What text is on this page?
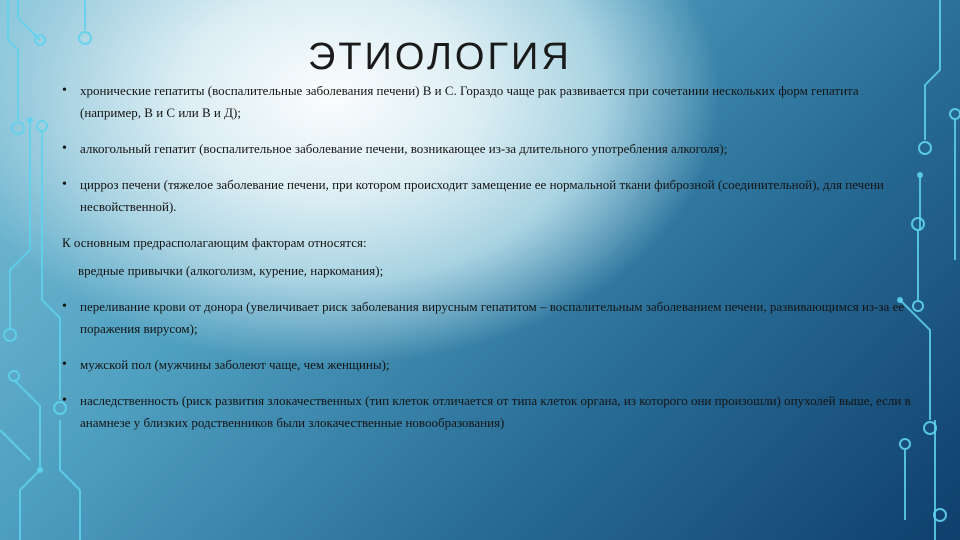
ЭТИОЛОГИЯ

• хронические гепатиты (воспалительные заболевания печени) B и C. Гораздо чаще рак развивается при сочетании нескольких форм гепатита (например, B и C или B и Д);

• алкогольный гепатит (воспалительное заболевание печени, возникающее из-за длительного употребления алкоголя);

• цирроз печени (тяжелое заболевание печени, при котором происходит замещение ее нормальной ткани фиброзной (соединительной), для печени несвойственной).

К основным предрасполагающим факторам относятся:

вредные привычки (алкоголизм, курение, наркомания);

• переливание крови от донора (увеличивает риск заболевания вирусным гепатитом – воспалительным заболеванием печени, развивающимся из-за ее поражения вирусом);

• мужской пол (мужчины заболеют чаще, чем женщины);

• наследственность (риск развития злокачественных (тип клеток отличается от типа клеток органа, из которого они произошли) опухолей выше, если в анамнезе у близких родственников были злокачественные новообразования)
